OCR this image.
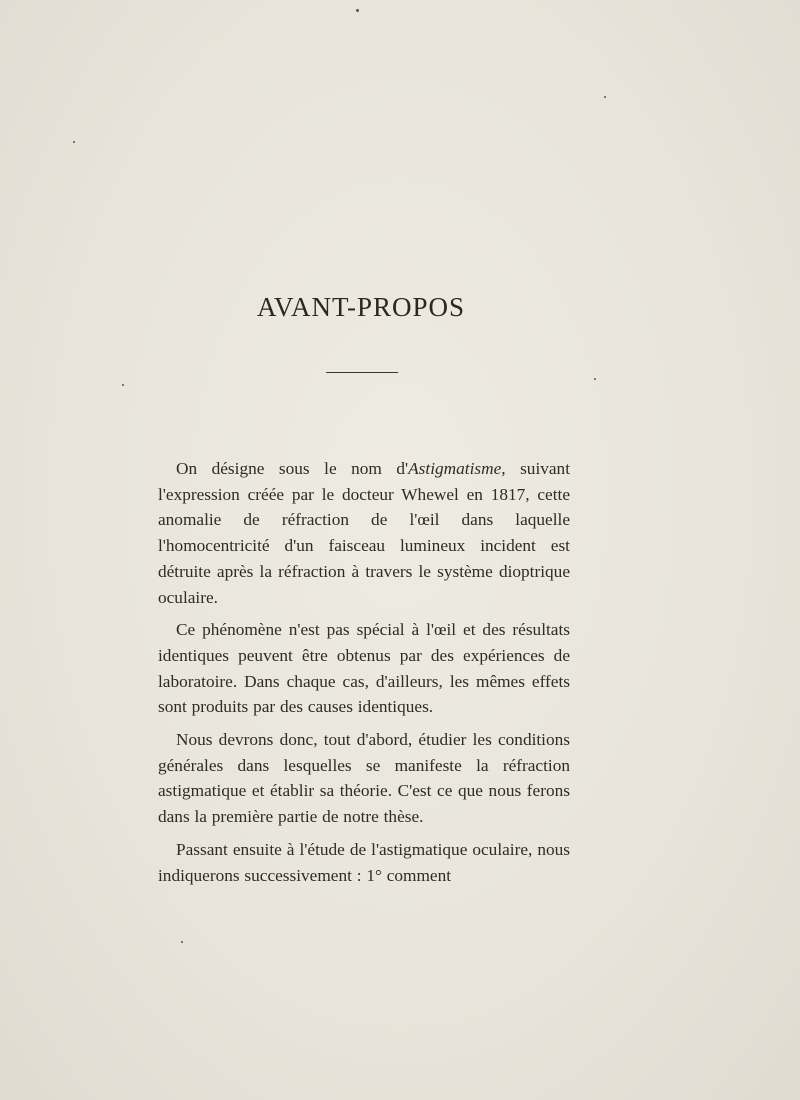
AVANT-PROPOS

On désigne sous le nom d'Astigmatisme, suivant l'expression créée par le docteur Whewel en 1817, cette anomalie de réfraction de l'œil dans laquelle l'homocentricité d'un faisceau lumineux incident est détruite après la réfraction à travers le système dioptrique oculaire.

Ce phénomène n'est pas spécial à l'œil et des résultats identiques peuvent être obtenus par des expériences de laboratoire. Dans chaque cas, d'ailleurs, les mêmes effets sont produits par des causes identiques.

Nous devrons donc, tout d'abord, étudier les conditions générales dans lesquelles se manifeste la réfraction astigmatique et établir sa théorie. C'est ce que nous ferons dans la première partie de notre thèse.

Passant ensuite à l'étude de l'astigmatique oculaire, nous indiquerons successivement : 1° comment
